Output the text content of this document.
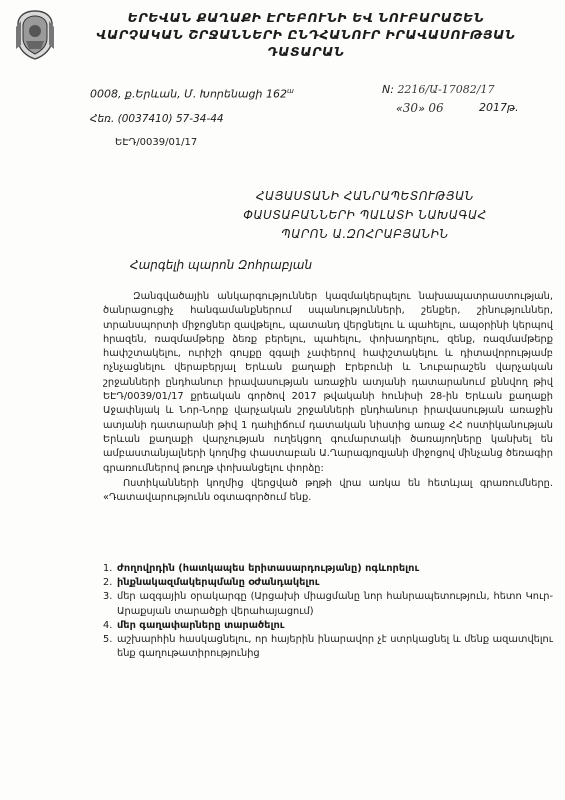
ԵՐԵՎԱՆ ՔԱՂԱՔԻ ԷՐԵԲՈՒՆԻ ԵՎ ՆՈՒԲԱՐԱՇԵՆ
ՎԱՐՉԱԿԱՆ ՇՐՋԱՆՆԵՐԻ ԸՆԴՀԱՆՈՒՐ ԻՐԱՎԱՍՈՒԹՅԱՆ
ԴԱՏԱՐԱՆ
0008, ք.Երևան, Մ. Խորենացի $162^ա$
Հեռ. (0037410) 57-34-44
ԵԷԴ/0039/01/17
N: 2216/Ա-17082/17
«30» 06	2017թ.
ՀԱՅԱՍՏԱՆԻ ՀԱՆՐԱՊԵՏՈՒԹՅԱՆ
ՓԱՍՏԱԲԱՆՆԵՐԻ ՊԱԼԱՏԻ ՆԱԽԱԳԱՀ
ՊԱՐՈՆ Ա.ԶՈՀՐԱԲՅԱՆԻՆ
Հարգելի պարոն Զոհրաբյան

Զանգվածային անկարգություններ կազմակերպելու նախապատրաստության, ծանրացուցիչ հանգամանքներում սպանությունների, շենքեր, շինություններ, տրանսպորտի միջոցներ զավթելու, պատանդ վերցնելու և պահելու, ապօրինի կերպով հրազեն, ռազմամթերք ձեռք բերելու, պահելու, փոխադրելու, զենք, ռազմամթերք հափշտակելու, ուրիշի գույքը զգալի չափերով հափշտակելու և դիտավորությամբ ոչնչացնելու վերաբերյալ Երևան քաղաքի Էրեբունի և Նուբարաշեն վարչական շրջանների ընդհանուր իրավասության առաջին ատյանի դատարանում քննվող թիվ ԵԷԴ/0039/01/17 քրեական գործով 2017 թվականի հունիսի 28-ին Երևան քաղաքի Աջափնյակ և Նոր-Նորք վարչական շրջանների ընդհանուր իրավասության առաջին ատյանի դատարանի թիվ 1 դահլիճում դատական նիստից առաջ ՀՀ ոստիկանության Երևան քաղաքի վարչության ուղեկցող գումարտակի ծառայողները կանխել են ամբաստանյալների կողմից փաստաբան Ա.Ղարագյոզյանի միջոցով մինչանց ծեռագիր գրառումներով թուղթ փոխանցելու փորձը:

Ոստիկանների կողմից վերցված թղթի վրա առկա են հետևյալ գրառումները. «Դատավարությունն օգտագործում ենք.

1. ժողովրդին (հատկապես երիտասարդությանը) ոգևորելու
2. ինքնակազմակերպմանը օժանդակելու
3. մեր ազգային օրակարգը (Արցախի միացմանը նոր հանրապետություն, հետո Կուր-Արաքսյան տարածքի վերահայացում)
4. մեր գաղափարները տարածելու
5. աշխարհին հասկացնելու, որ հայերին ինարավոր չէ ստրկացնել և մենք ազատվելու ենք գաղութատիրությունից
